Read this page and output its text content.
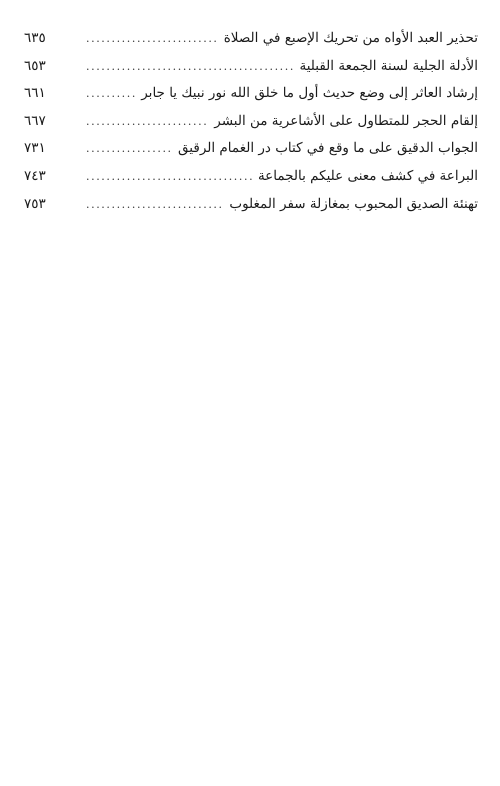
تحذير العبد الأواه من تحريك الإصبع في الصلاة
.....
٦٣٥
الأدلة الجلية لسنة الجمعة القبلية
.....
٦٥٣
إرشاد العاثر إلى وضع حديث أول ما خلق الله نور نبيك يا جابر
.....
٦٦١
إلقام الحجر للمتطاول على الأشاعرية من البشر
.....
٦٦٧
الجواب الدقيق على ما وقع في كتاب در الغمام الرقيق
.....
٧٣١
البراعة في كشف معنى عليكم بالجماعة
.....
٧٤٣
تهنئة الصديق المحبوب بمغازلة سفر المغلوب
.....
٧٥٣
